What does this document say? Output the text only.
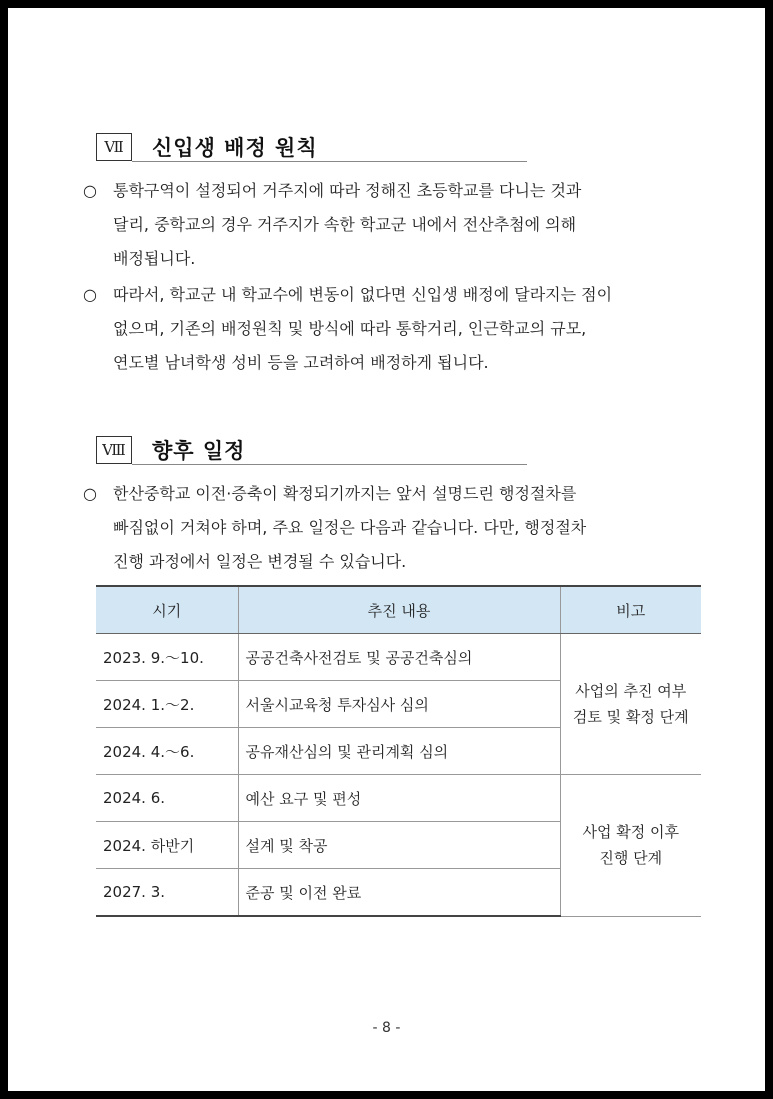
Ⅶ	신입생 배정 원칙
○ 통학구역이 설정되어 거주지에 따라 정해진 초등학교를 다니는 것과

달리, 중학교의 경우 거주지가 속한 학교군 내에서 전산추첨에 의해

배정됩니다.

○ 따라서, 학교군 내 학교수에 변동이 없다면 신입생 배정에 달라지는 점이

없으며, 기존의 배정원칙 및 방식에 따라 통학거리, 인근학교의 규모,

연도별 남녀학생 성비 등을 고려하여 배정하게 됩니다.

Ⅷ 향후 일정
○ 한산중학교 이전·증축이 확정되기까지는 앞서 설명드린 행정절차를

빠짐없이 거쳐야 하며, 주요 일정은 다음과 같습니다. 다만, 행정절차

진행 과정에서 일정은 변경될 수 있습니다.

시기	추진 내용	비고
2023. 9.～10.	공공건축사전검토 및 공공건축심의	사업의 추진 여부
검토 및 확정 단계

2024. 1.～2.	서울시교육청 투자심사 심의	
2024. 4.～6.	공유재산심의 및 관리계획 심의	
2024. 6.	예산 요구 및 편성	사업 확정 이후
진행 단계

2024. 하반기	설계 및 착공	
2027. 3.	준공 및 이전 완료	
- 8 -
